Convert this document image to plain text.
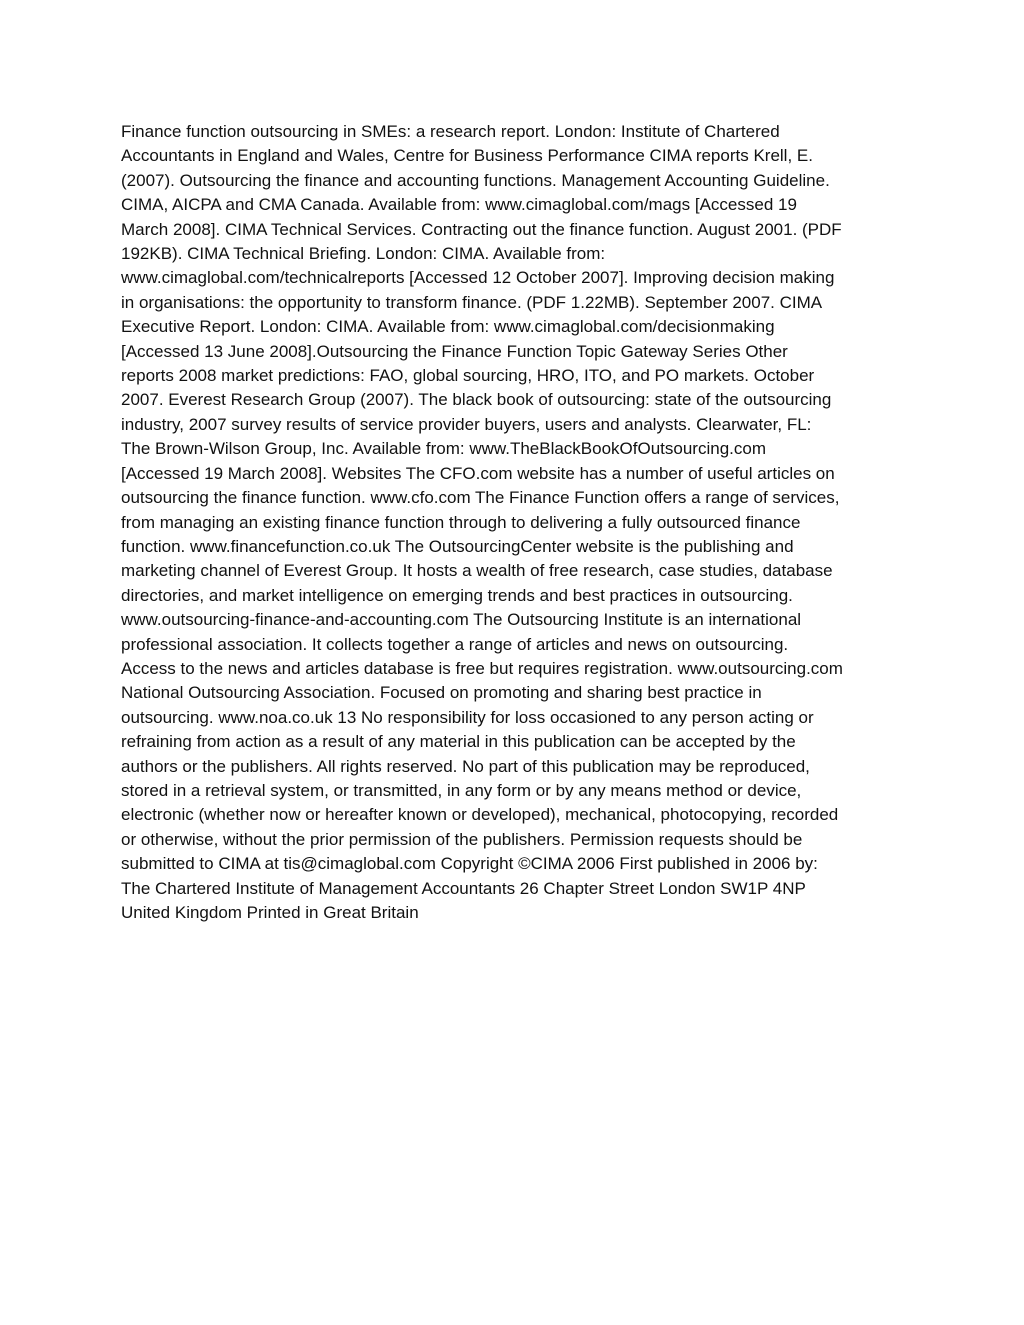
Finance function outsourcing in SMEs: a research report. London: Institute of Chartered
Accountants in England and Wales, Centre for Business Performance CIMA reports Krell, E.
(2007). Outsourcing the finance and accounting functions. Management Accounting Guideline.
CIMA, AICPA and CMA Canada. Available from: www.cimaglobal.com/mags [Accessed 19
March 2008]. CIMA Technical Services. Contracting out the finance function. August 2001. (PDF
192KB). CIMA Technical Briefing. London: CIMA. Available from:
www.cimaglobal.com/technicalreports [Accessed 12 October 2007]. Improving decision making
in organisations: the opportunity to transform finance. (PDF 1.22MB). September 2007. CIMA
Executive Report. London: CIMA. Available from: www.cimaglobal.com/decisionmaking
[Accessed 13 June 2008].Outsourcing the Finance Function Topic Gateway Series Other
reports 2008 market predictions: FAO, global sourcing, HRO, ITO, and PO markets. October
2007. Everest Research Group (2007). The black book of outsourcing: state of the outsourcing
industry, 2007 survey results of service provider buyers, users and analysts. Clearwater, FL:
The Brown-Wilson Group, Inc. Available from: www.TheBlackBookOfOutsourcing.com
[Accessed 19 March 2008]. Websites The CFO.com website has a number of useful articles on
outsourcing the finance function. www.cfo.com The Finance Function offers a range of services,
from managing an existing finance function through to delivering a fully outsourced finance
function. www.financefunction.co.uk The OutsourcingCenter website is the publishing and
marketing channel of Everest Group. It hosts a wealth of free research, case studies, database
directories, and market intelligence on emerging trends and best practices in outsourcing.
www.outsourcing-finance-and-accounting.com The Outsourcing Institute is an international
professional association. It collects together a range of articles and news on outsourcing.
Access to the news and articles database is free but requires registration. www.outsourcing.com
National Outsourcing Association. Focused on promoting and sharing best practice in
outsourcing. www.noa.co.uk 13 No responsibility for loss occasioned to any person acting or
refraining from action as a result of any material in this publication can be accepted by the
authors or the publishers. All rights reserved. No part of this publication may be reproduced,
stored in a retrieval system, or transmitted, in any form or by any means method or device,
electronic (whether now or hereafter known or developed), mechanical, photocopying, recorded
or otherwise, without the prior permission of the publishers. Permission requests should be
submitted to CIMA at tis@cimaglobal.com Copyright ©CIMA 2006 First published in 2006 by:
The Chartered Institute of Management Accountants 26 Chapter Street London SW1P 4NP
United Kingdom Printed in Great Britain
